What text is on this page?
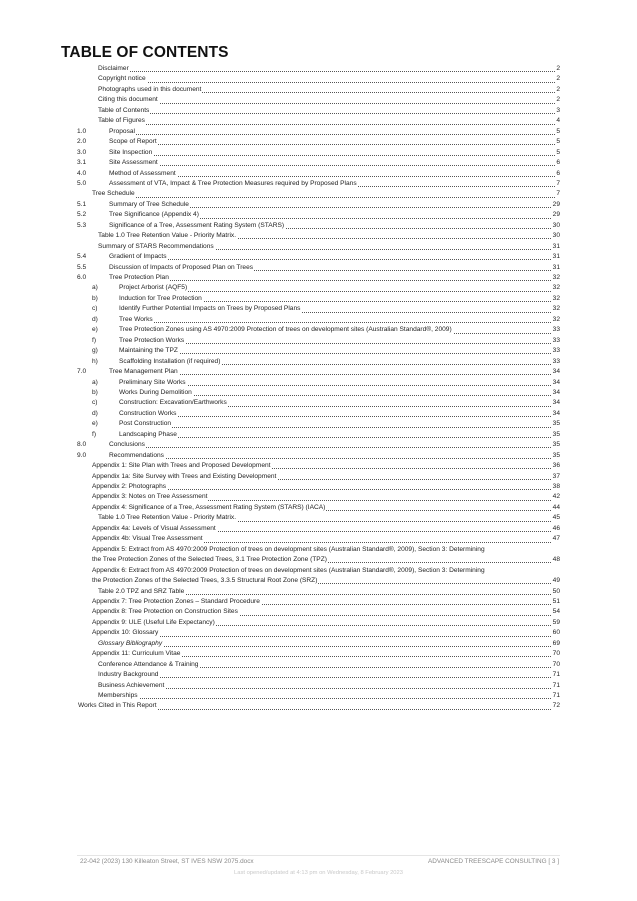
TABLE OF CONTENTS
Disclaimer	2
Copyright notice	2
Photographs used in this document	2
Citing this document	2
Table of Contents	3
Table of Figures	4
1.0	Proposal	5
2.0	Scope of Report	5
3.0	Site Inspection	5
3.1	Site Assessment	6
4.0	Method of Assessment	6
5.0	Assessment of VTA, Impact & Tree Protection Measures required by Proposed Plans	7
Tree Schedule	7
5.1	Summary of Tree Schedule	29
5.2	Tree Significance (Appendix 4)	29
5.3	Significance of a Tree, Assessment Rating System (STARS)	30
Table 1.0 Tree Retention Value - Priority Matrix.	30
Summary of STARS Recommendations	31
5.4	Gradient of Impacts	31
5.5	Discussion of Impacts of Proposed Plan on Trees	31
6.0	Tree Protection Plan	32
a)	Project Arborist (AQF5)	32
b)	Induction for Tree Protection	32
c)	Identify Further Potential Impacts on Trees by Proposed Plans	32
d)	Tree Works	32
e)	Tree Protection Zones using AS 4970:2009 Protection of trees on development sites (Australian Standard®, 2009)	33
f)	Tree Protection Works	33
g)	Maintaining the TPZ	33
h)	Scaffolding Installation (if required)	33
7.0	Tree Management Plan	34
a)	Preliminary Site Works	34
b)	Works During Demolition	34
c)	Construction: Excavation/Earthworks	34
d)	Construction Works	34
e)	Post Construction	35
f)	Landscaping Phase	35
8.0	Conclusions	35
9.0	Recommendations	35
Appendix 1: Site Plan with Trees and Proposed Development	36
Appendix 1a: Site Survey with Trees and Existing Development	37
Appendix 2: Photographs	38
Appendix 3: Notes on Tree Assessment	42
Appendix 4: Significance of a Tree, Assessment Rating System (STARS) (IACA)	44
Table 1.0 Tree Retention Value - Priority Matrix.	45
Appendix 4a: Levels of Visual Assessment	46
Appendix 4b: Visual Tree Assessment	47
Appendix 5: Extract from AS 4970:2009 Protection of trees on development sites (Australian Standard®, 2009), Section 3: Determining
the Tree Protection Zones of the Selected Trees, 3.1 Tree Protection Zone (TPZ)	48
Appendix 6: Extract from AS 4970:2009 Protection of trees on development sites (Australian Standard®, 2009), Section 3: Determining
the Protection Zones of the Selected Trees, 3.3.5 Structural Root Zone (SRZ)	49
Table 2.0 TPZ and SRZ Table	50
Appendix 7: Tree Protection Zones – Standard Procedure	51
Appendix 8: Tree Protection on Construction Sites	54
Appendix 9: ULE (Useful Life Expectancy)	59
Appendix 10: Glossary	60
Glossary Bibliography	69
Appendix 11: Curriculum Vitae	70
Conference Attendance & Training	70
Industry Background	71
Business Achievement	71
Memberships	71
Works Cited in This Report	72
22-042 (2023) 130 Killeaton Street, ST IVES NSW 2075.docx	ADVANCED TREESCAPE CONSULTING [ 3 ]
Last opened/updated at 4:13 pm on Wednesday, 8 February 2023
